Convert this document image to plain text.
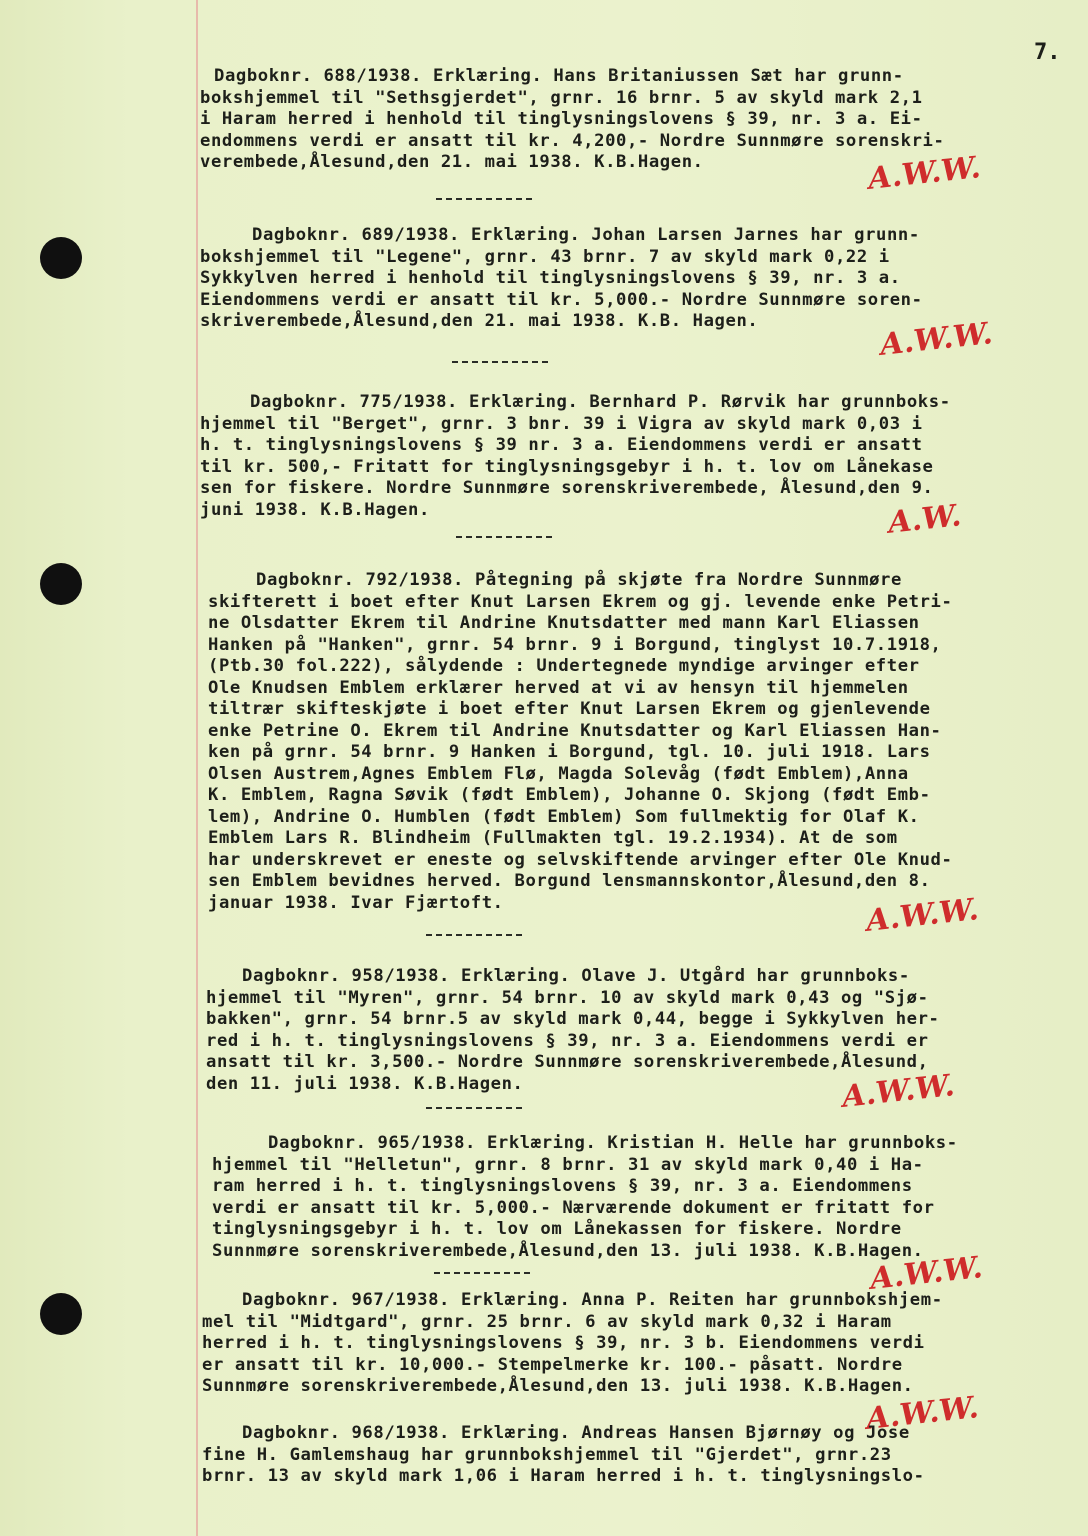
7.
Dagboknr. 688/1938. Erklæring. Hans Britaniussen Sæt har grunn-
bokshjemmel til "Sethsgjerdet", grnr. 16 brnr. 5 av skyld mark 2,1
i Haram herred i henhold til tinglysningslovens § 39, nr. 3 a. Ei-
endommens verdi er ansatt til kr. 4,200,- Nordre Sunnmøre sorenskri-
verembede,Ålesund,den 21. mai 1938. K.B.Hagen.	A.W.W.
Dagboknr. 689/1938. Erklæring. Johan Larsen Jarnes har grunn-
bokshjemmel til "Legene", grnr. 43 brnr. 7 av skyld mark 0,22 i
Sykkylven herred i henhold til tinglysningslovens § 39, nr. 3 a.
Eiendommens verdi er ansatt til kr. 5,000.- Nordre Sunnmøre soren-
skriverembede,Ålesund,den 21. mai 1938. K.B. Hagen.	A.W.W.
Dagboknr. 775/1938. Erklæring. Bernhard P. Rørvik har grunnboks-
hjemmel til "Berget", grnr. 3 bnr. 39 i Vigra av skyld mark 0,03 i
h. t. tinglysningslovens § 39 nr. 3 a. Eiendommens verdi er ansatt
til kr. 500,- Fritatt for tinglysningsgebyr i h. t. lov om Lånekase
sen for fiskere. Nordre Sunnmøre sorenskriverembede, Ålesund,den 9.
juni 1938. K.B.Hagen.	A.W.
Dagboknr. 792/1938. Påtegning på skjøte fra Nordre Sunnmøre
skifterett i boet efter Knut Larsen Ekrem og gj. levende enke Petri-
ne Olsdatter Ekrem til Andrine Knutsdatter med mann Karl Eliassen
Hanken på "Hanken", grnr. 54 brnr. 9 i Borgund, tinglyst 10.7.1918,
(Ptb.30 fol.222), sålydende : Undertegnede myndige arvinger efter
Ole Knudsen Emblem erklærer herved at vi av hensyn til hjemmelen
tiltrær skifteskjøte i boet efter Knut Larsen Ekrem og gjenlevende
enke Petrine O. Ekrem til Andrine Knutsdatter og Karl Eliassen Han-
ken på grnr. 54 brnr. 9 Hanken i Borgund, tgl. 10. juli 1918. Lars
Olsen Austrem,Agnes Emblem Flø, Magda Solevåg (født Emblem),Anna
K. Emblem, Ragna Søvik (født Emblem), Johanne O. Skjong (født Emb-
lem), Andrine O. Humblen (født Emblem) Som fullmektig for Olaf K.
Emblem Lars R. Blindheim (Fullmakten tgl. 19.2.1934). At de som
har underskrevet er eneste og selvskiftende arvinger efter Ole Knud-
sen Emblem bevidnes herved. Borgund lensmannskontor,Ålesund,den 8.
januar 1938. Ivar Fjærtoft.	A.W.W.
Dagboknr. 958/1938. Erklæring. Olave J. Utgård har grunnboks-
hjemmel til "Myren", grnr. 54 brnr. 10 av skyld mark 0,43 og "Sjø-
bakken", grnr. 54 brnr.5 av skyld mark 0,44, begge i Sykkylven her-
red i h. t. tinglysningslovens § 39, nr. 3 a. Eiendommens verdi er
ansatt til kr. 3,500.- Nordre Sunnmøre sorenskriverembede,Ålesund,
den 11. juli 1938. K.B.Hagen.	A.W.W.
Dagboknr. 965/1938. Erklæring. Kristian H. Helle har grunnboks-
hjemmel til "Helletun", grnr. 8 brnr. 31 av skyld mark 0,40 i Ha-
ram herred i h. t. tinglysningslovens § 39, nr. 3 a. Eiendommens
verdi er ansatt til kr. 5,000.- Nærværende dokument er fritatt for
tinglysningsgebyr i h. t. lov om Lånekassen for fiskere. Nordre
Sunnmøre sorenskriverembede,Ålesund,den 13. juli 1938. K.B.Hagen.
A.W.W.
Dagboknr. 967/1938. Erklæring. Anna P. Reiten har grunnbokshjem-
mel til "Midtgard", grnr. 25 brnr. 6 av skyld mark 0,32 i Haram
herred i h. t. tinglysningslovens § 39, nr. 3 b. Eiendommens verdi
er ansatt til kr. 10,000.- Stempelmerke kr. 100.- påsatt. Nordre
Sunnmøre sorenskriverembede,Ålesund,den 13. juli 1938. K.B.Hagen.
A.W.W.
Dagboknr. 968/1938. Erklæring. Andreas Hansen Bjørnøy og Jose
fine H. Gamlemshaug har grunnbokshjemmel til "Gjerdet", grnr.23
brnr. 13 av skyld mark 1,06 i Haram herred i h. t. tinglysningslo-
